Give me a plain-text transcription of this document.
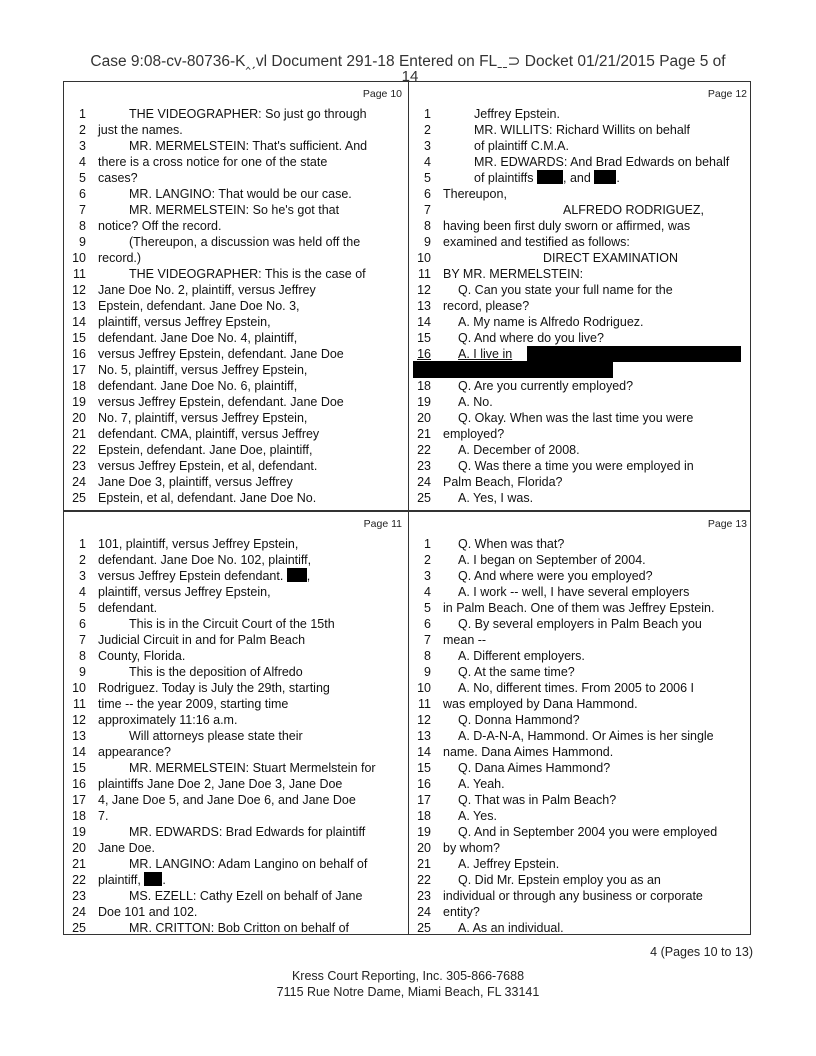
Case 9:08-cv-80736-K‸ˏvl Document 291-18 Entered on FLˍˍ⊃ Docket 01/21/2015 Page 5 of
14
Page 10
1	THE VIDEOGRAPHER: So just go through
2 just the names.
3	MR. MERMELSTEIN: That's sufficient. And
4 there is a cross notice for one of the state
5 cases?
6	MR. LANGINO: That would be our case.
7	MR. MERMELSTEIN: So he's got that
8 notice? Off the record.
9	(Thereupon, a discussion was held off the
10 record.)
11	THE VIDEOGRAPHER: This is the case of
12 Jane Doe No. 2, plaintiff, versus Jeffrey
13 Epstein, defendant. Jane Doe No. 3,
14 plaintiff, versus Jeffrey Epstein,
15 defendant. Jane Doe No. 4, plaintiff,
16 versus Jeffrey Epstein, defendant. Jane Doe
17 No. 5, plaintiff, versus Jeffrey Epstein,
18 defendant. Jane Doe No. 6, plaintiff,
19 versus Jeffrey Epstein, defendant. Jane Doe
20 No. 7, plaintiff, versus Jeffrey Epstein,
21 defendant. CMA, plaintiff, versus Jeffrey
22 Epstein, defendant. Jane Doe, plaintiff,
23 versus Jeffrey Epstein, et al, defendant.
24 Jane Doe 3, plaintiff, versus Jeffrey
25 Epstein, et al, defendant. Jane Doe No.
Page 12
1	Jeffrey Epstein.
2	MR. WILLITS: Richard Willits on behalf
3	of plaintiff C.M.A.
4	MR. EDWARDS: And Brad Edwards on behalf
5	of plaintiffs , and .
6 Thereupon,
7	ALFREDO RODRIGUEZ,
8 having been first duly sworn or affirmed, was
9 examined and testified as follows:
10	DIRECT EXAMINATION
11 BY MR. MERMELSTEIN:
12	Q. Can you state your full name for the
13 record, please?
14	A. My name is Alfredo Rodriguez.
15	Q. And where do you live?
16	A. I live in
18	Q. Are you currently employed?
19	A. No.
20	Q. Okay. When was the last time you were
21 employed?
22	A. December of 2008.
23	Q. Was there a time you were employed in
24 Palm Beach, Florida?
25	A. Yes, I was.
Page 11
1 101, plaintiff, versus Jeffrey Epstein,
2 defendant. Jane Doe No. 102, plaintiff,
3 versus Jeffrey Epstein defendant. ,
4 plaintiff, versus Jeffrey Epstein,
5 defendant.
6	This is in the Circuit Court of the 15th
7 Judicial Circuit in and for Palm Beach
8 County, Florida.
9	This is the deposition of Alfredo
10 Rodriguez. Today is July the 29th, starting
11 time -- the year 2009, starting time
12 approximately 11:16 a.m.
13	Will attorneys please state their
14 appearance?
15	MR. MERMELSTEIN: Stuart Mermelstein for
16 plaintiffs Jane Doe 2, Jane Doe 3, Jane Doe
17 4, Jane Doe 5, and Jane Doe 6, and Jane Doe
18 7.
19	MR. EDWARDS: Brad Edwards for plaintiff
20 Jane Doe.
21	MR. LANGINO: Adam Langino on behalf of
22 plaintiff, .
23	MS. EZELL: Cathy Ezell on behalf of Jane
24 Doe 101 and 102.
25	MR. CRITTON: Bob Critton on behalf of
Page 13
1	Q. When was that?
2	A. I began on September of 2004.
3	Q. And where were you employed?
4	A. I work -- well, I have several employers
5 in Palm Beach. One of them was Jeffrey Epstein.
6	Q. By several employers in Palm Beach you
7 mean --
8	A. Different employers.
9	Q. At the same time?
10	A. No, different times. From 2005 to 2006 I
11 was employed by Dana Hammond.
12	Q. Donna Hammond?
13	A. D-A-N-A, Hammond. Or Aimes is her single
14 name. Dana Aimes Hammond.
15	Q. Dana Aimes Hammond?
16	A. Yeah.
17	Q. That was in Palm Beach?
18	A. Yes.
19	Q. And in September 2004 you were employed
20 by whom?
21	A. Jeffrey Epstein.
22	Q. Did Mr. Epstein employ you as an
23 individual or through any business or corporate
24 entity?
25	A. As an individual.
4 (Pages 10 to 13)
Kress Court Reporting, Inc. 305-866-7688
7115 Rue Notre Dame, Miami Beach, FL 33141
